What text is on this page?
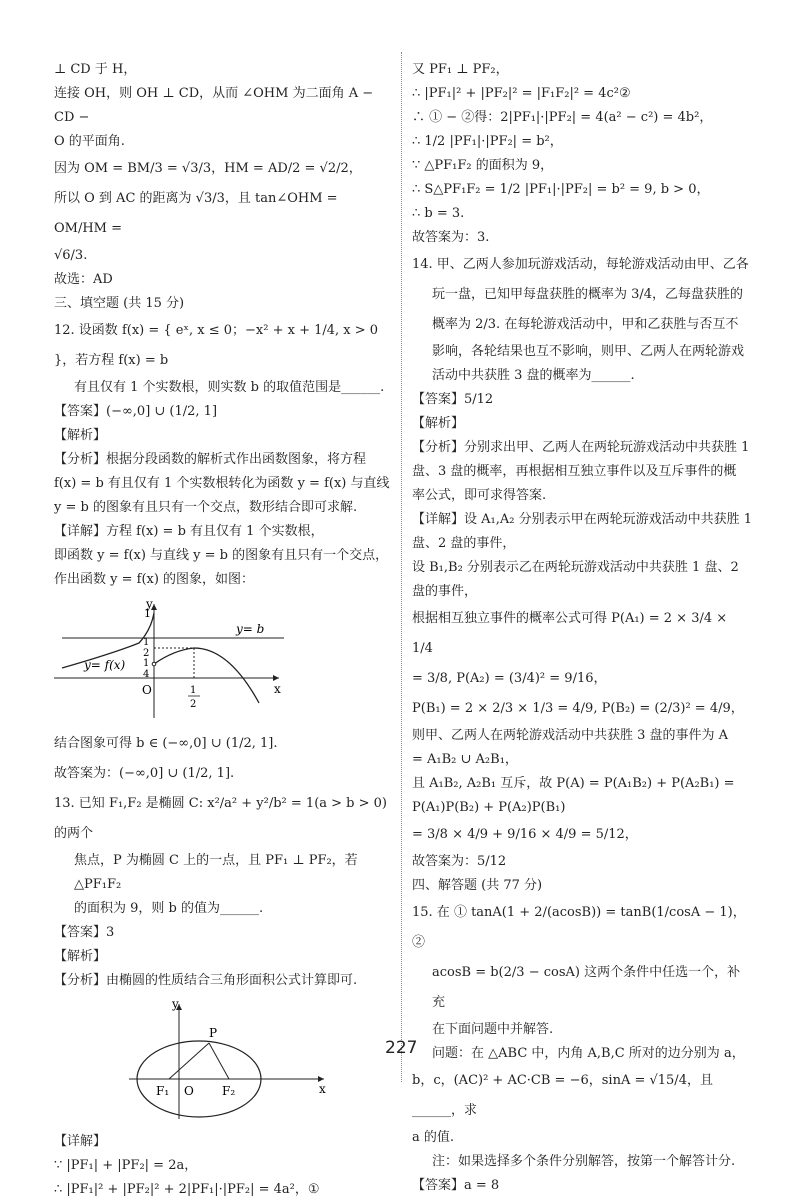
⊥ CD 于 H，

连接 OH，则 OH ⊥ CD，从而 ∠OHM 为二面角 A − CD −

O 的平面角.

因为 OM = BM/3 = √3/3，HM = AD/2 = √2/2，

所以 O 到 AC 的距离为 √3/3，且 tan∠OHM = OM/HM =

√6/3.

故选：AD

三、填空题 (共 15 分)

12. 设函数 f(x) = { eˣ, x ≤ 0；−x² + x + 1/4, x > 0 }，若方程 f(x) = b

有且仅有 1 个实数根，则实数 b 的取值范围是______.

【答案】(−∞,0] ∪ (1/2, 1]

【解析】

【分析】根据分段函数的解析式作出函数图象，将方程

f(x) = b 有且仅有 1 个实数根转化为函数 y = f(x) 与直线

y = b 的图象有且只有一个交点，数形结合即可求解.

【详解】方程 f(x) = b 有且仅有 1 个实数根，

即函数 y = f(x) 与直线 y = b 的图象有且只有一个交点，

作出函数 y = f(x) 的图象，如图：

y
x
O
1
1
2
1
4
1
2
y= b
y= f(x)

结合图象可得 b ∈ (−∞,0] ∪ (1/2, 1].

故答案为：(−∞,0] ∪ (1/2, 1].

13. 已知 F₁,F₂ 是椭圆 C: x²/a² + y²/b² = 1(a > b > 0) 的两个

焦点，P 为椭圆 C 上的一点，且 PF₁ ⊥ PF₂，若 △PF₁F₂

的面积为 9，则 b 的值为______.

【答案】3

【解析】

【分析】由椭圆的性质结合三角形面积公式计算即可.

y
x
P
F₁ O F₂

【详解】

∵ |PF₁| + |PF₂| = 2a，

∴ |PF₁|² + |PF₂|² + 2|PF₁|·|PF₂| = 4a²，①

又 PF₁ ⊥ PF₂，

∴ |PF₁|² + |PF₂|² = |F₁F₂|² = 4c²②

∴ ① − ②得：2|PF₁|·|PF₂| = 4(a² − c²) = 4b²，

∴ 1/2 |PF₁|·|PF₂| = b²，

∵ △PF₁F₂ 的面积为 9，

∴ S△PF₁F₂ = 1/2 |PF₁|·|PF₂| = b² = 9, b > 0，

∴ b = 3.

故答案为：3.

14. 甲、乙两人参加玩游戏活动，每轮游戏活动由甲、乙各

玩一盘，已知甲每盘获胜的概率为 3/4，乙每盘获胜的

概率为 2/3. 在每轮游戏活动中，甲和乙获胜与否互不

影响，各轮结果也互不影响，则甲、乙两人在两轮游戏

活动中共获胜 3 盘的概率为______.

【答案】5/12

【解析】

【分析】分别求出甲、乙两人在两轮玩游戏活动中共获胜 1

盘、3 盘的概率，再根据相互独立事件以及互斥事件的概

率公式，即可求得答案.

【详解】设 A₁,A₂ 分别表示甲在两轮玩游戏活动中共获胜 1

盘、2 盘的事件，

设 B₁,B₂ 分别表示乙在两轮玩游戏活动中共获胜 1 盘、2

盘的事件，

根据相互独立事件的概率公式可得 P(A₁) = 2 × 3/4 × 1/4

= 3/8, P(A₂) = (3/4)² = 9/16，

P(B₁) = 2 × 2/3 × 1/3 = 4/9, P(B₂) = (2/3)² = 4/9，

则甲、乙两人在两轮游戏活动中共获胜 3 盘的事件为 A

= A₁B₂ ∪ A₂B₁，

且 A₁B₂, A₂B₁ 互斥，故 P(A) = P(A₁B₂) + P(A₂B₁) =

P(A₁)P(B₂) + P(A₂)P(B₁)

= 3/8 × 4/9 + 9/16 × 4/9 = 5/12，

故答案为：5/12

四、解答题 (共 77 分)

15. 在 ① tanA(1 + 2/(acosB)) = tanB(1/cosA − 1)，②

acosB = b(2/3 − cosA) 这两个条件中任选一个，补充

在下面问题中并解答.

问题：在 △ABC 中，内角 A,B,C 所对的边分别为 a，

b，c，(AC)² + AC·CB = −6，sinA = √15/4，且______，求

a 的值.

注：如果选择多个条件分别解答，按第一个解答计分.

【答案】a = 8

227
